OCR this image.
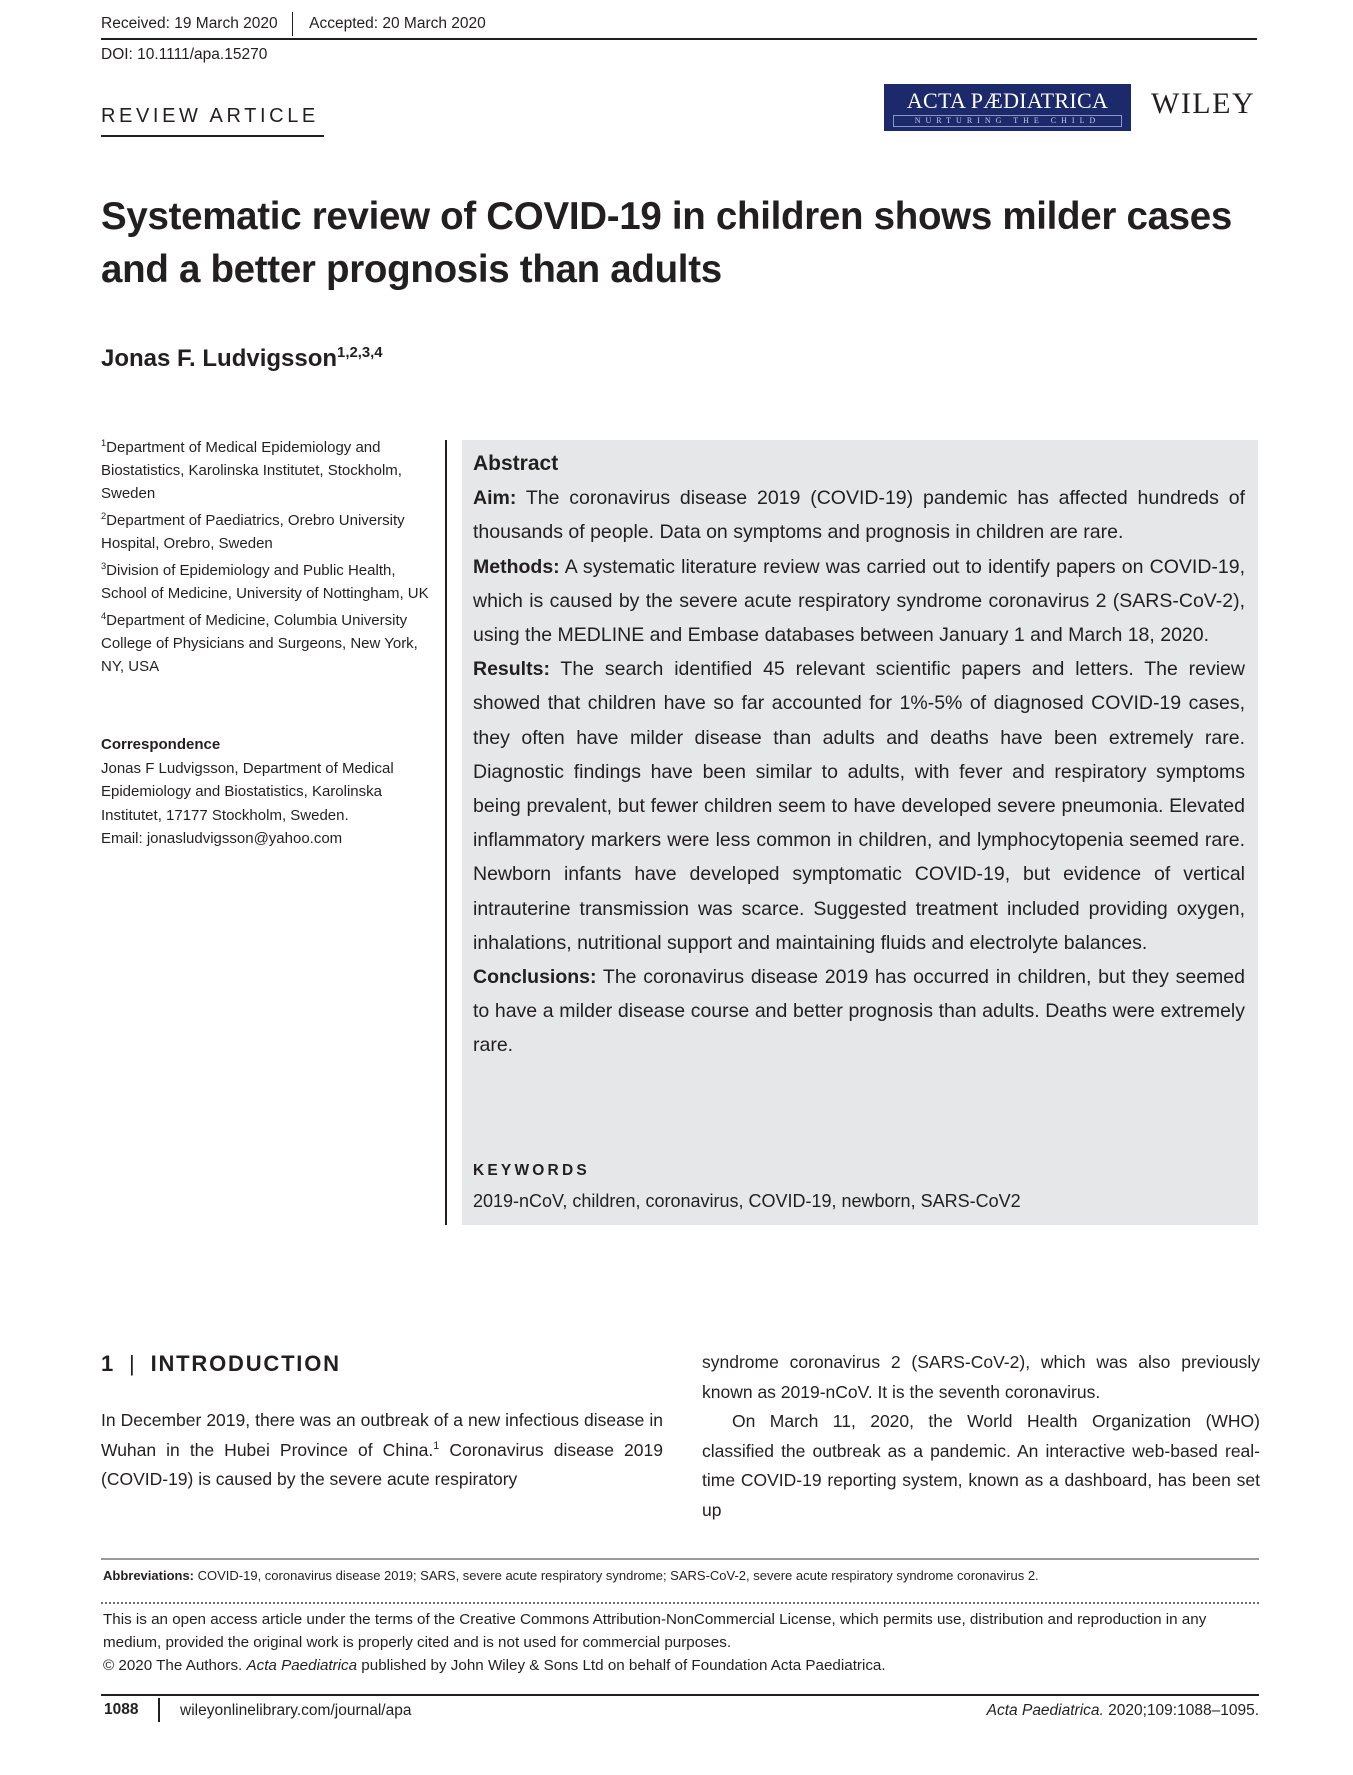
Received: 19 March 2020 Accepted: 20 March 2020
DOI: 10.1111/apa.15270
REVIEW ARTICLE
ACTA PÆDIATRICA
NURTURING THE CHILD
WILEY
Systematic review of COVID-19 in children shows milder cases and a better prognosis than adults
Jonas F. Ludvigsson$^{1,2,3,4}$
$^1$Department of Medical Epidemiology and Biostatistics, Karolinska Institutet, Stockholm, Sweden
$^2$Department of Paediatrics, Orebro University Hospital, Orebro, Sweden
$^3$Division of Epidemiology and Public Health, School of Medicine, University of Nottingham, UK
$^4$Department of Medicine, Columbia University College of Physicians and Surgeons, New York, NY, USA
Correspondence
Jonas F Ludvigsson, Department of Medical Epidemiology and Biostatistics, Karolinska Institutet, 17177 Stockholm, Sweden.
Email: jonasludvigsson@yahoo.com
Abstract

Aim: The coronavirus disease 2019 (COVID-19) pandemic has affected hundreds of thousands of people. Data on symptoms and prognosis in children are rare.

Methods: A systematic literature review was carried out to identify papers on COVID-19, which is caused by the severe acute respiratory syndrome coronavirus 2 (SARS-CoV-2), using the MEDLINE and Embase databases between January 1 and March 18, 2020.

Results: The search identified 45 relevant scientific papers and letters. The review showed that children have so far accounted for 1%-5% of diagnosed COVID-19 cases, they often have milder disease than adults and deaths have been extremely rare. Diagnostic findings have been similar to adults, with fever and respiratory symptoms being prevalent, but fewer children seem to have developed severe pneumonia. Elevated inflammatory markers were less common in children, and lymphocytopenia seemed rare. Newborn infants have developed symptomatic COVID-19, but evidence of vertical intrauterine transmission was scarce. Suggested treatment included providing oxygen, inhalations, nutritional support and maintaining fluids and electrolyte balances.

Conclusions: The coronavirus disease 2019 has occurred in children, but they seemed to have a milder disease course and better prognosis than adults. Deaths were extremely rare.

KEYWORDS
2019-nCoV, children, coronavirus, COVID-19, newborn, SARS-CoV2
1 | INTRODUCTION
In December 2019, there was an outbreak of a new infectious disease in Wuhan in the Hubei Province of China.$^1$ Coronavirus disease 2019 (COVID-19) is caused by the severe acute respiratory

syndrome coronavirus 2 (SARS-CoV-2), which was also previously known as 2019-nCoV. It is the seventh coronavirus.

On March 11, 2020, the World Health Organization (WHO) classified the outbreak as a pandemic. An interactive web-based real-time COVID-19 reporting system, known as a dashboard, has been set up

Abbreviations: COVID-19, coronavirus disease 2019; SARS, severe acute respiratory syndrome; SARS-CoV-2, severe acute respiratory syndrome coronavirus 2.
This is an open access article under the terms of the Creative Commons Attribution-NonCommercial License, which permits use, distribution and reproduction in any medium, provided the original work is properly cited and is not used for commercial purposes.
© 2020 The Authors. Acta Paediatrica published by John Wiley & Sons Ltd on behalf of Foundation Acta Paediatrica.
1088	wileyonlinelibrary.com/journal/apa	Acta Paediatrica. 2020;109:1088–1095.
